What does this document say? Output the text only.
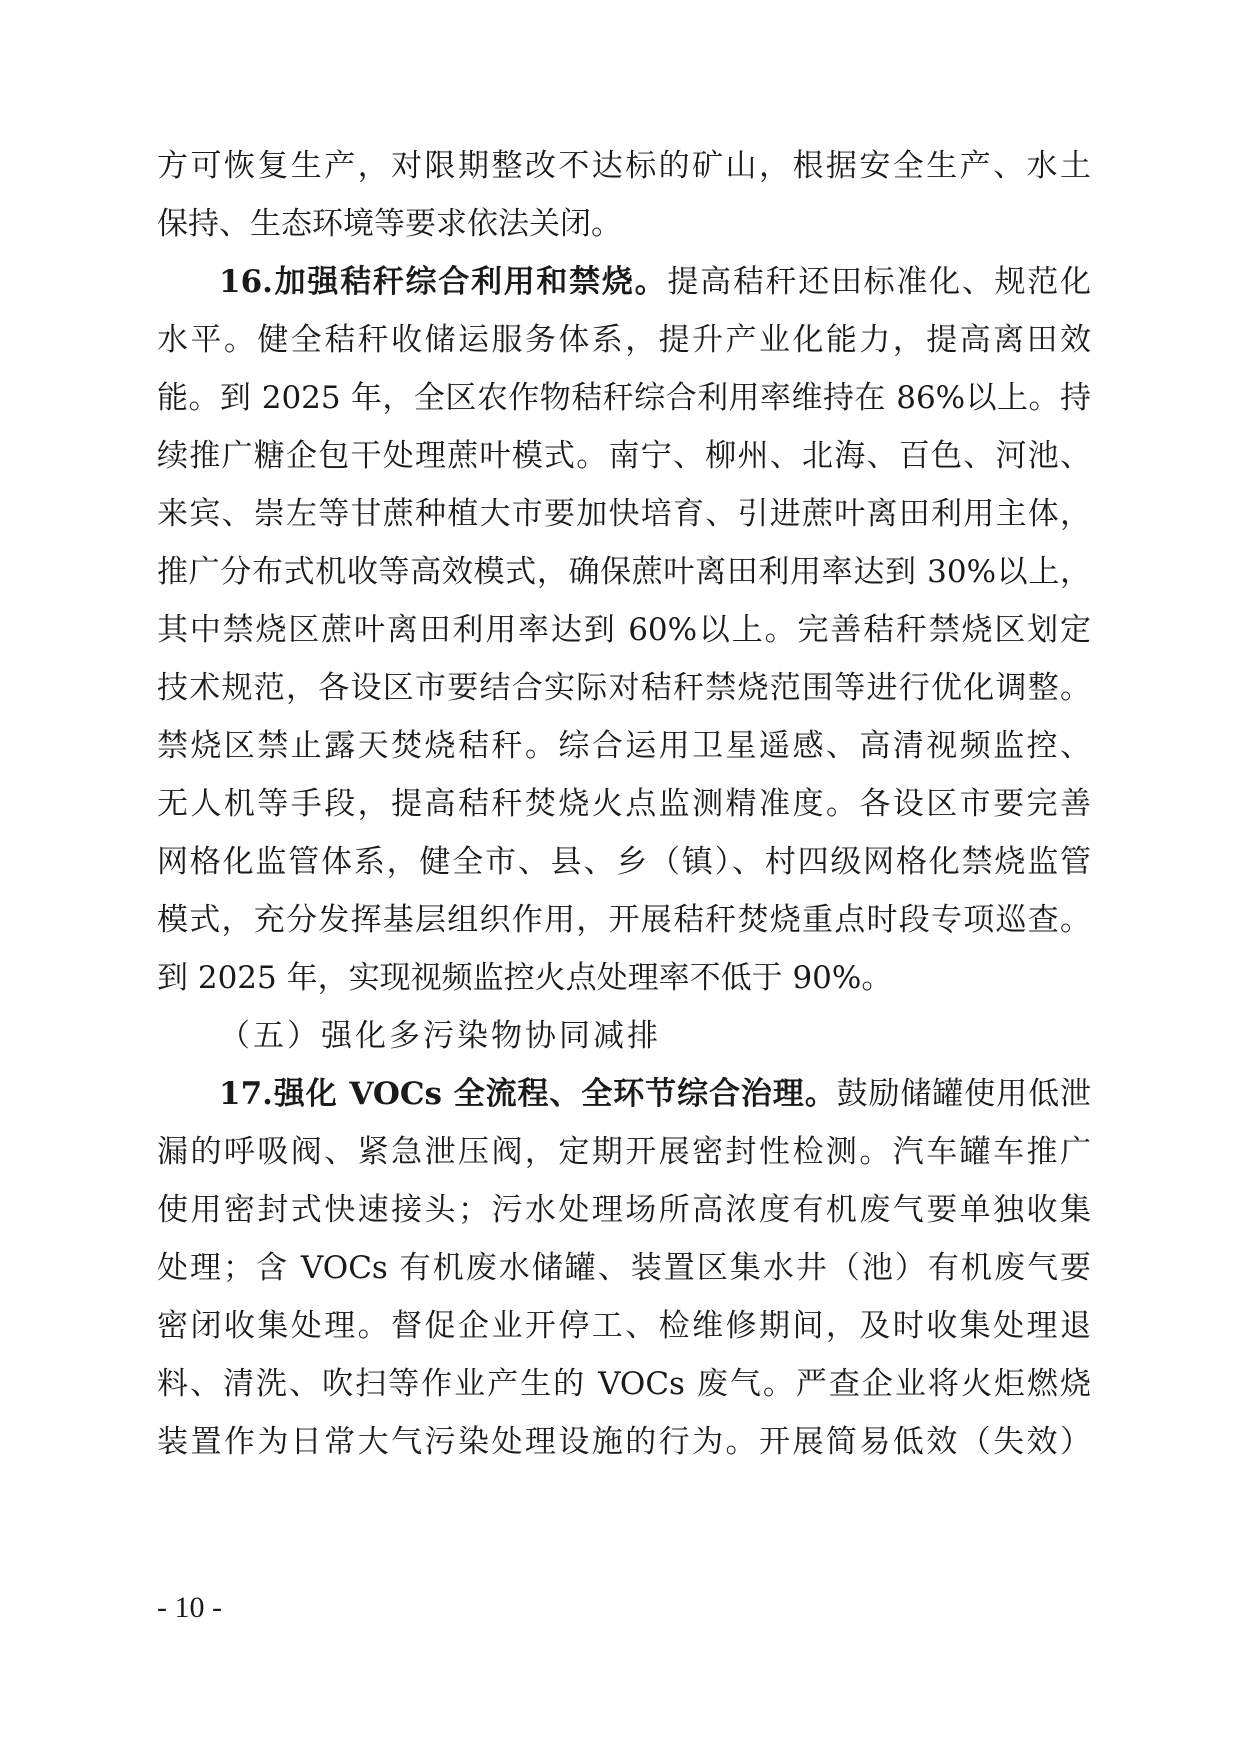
方可恢复生产，对限期整改不达标的矿山，根据安全生产、水土
保持、生态环境等要求依法关闭。
16.加强秸秆综合利用和禁烧。提高秸秆还田标准化、规范化
水平。健全秸秆收储运服务体系，提升产业化能力，提高离田效
能。到 2025 年，全区农作物秸秆综合利用率维持在 86%以上。持
续推广糖企包干处理蔗叶模式。南宁、柳州、北海、百色、河池、
来宾、崇左等甘蔗种植大市要加快培育、引进蔗叶离田利用主体，
推广分布式机收等高效模式，确保蔗叶离田利用率达到 30%以上，
其中禁烧区蔗叶离田利用率达到 60%以上。完善秸秆禁烧区划定
技术规范，各设区市要结合实际对秸秆禁烧范围等进行优化调整。
禁烧区禁止露天焚烧秸秆。综合运用卫星遥感、高清视频监控、
无人机等手段，提高秸秆焚烧火点监测精准度。各设区市要完善
网格化监管体系，健全市、县、乡（镇）、村四级网格化禁烧监管
模式，充分发挥基层组织作用，开展秸秆焚烧重点时段专项巡查。
到 2025 年，实现视频监控火点处理率不低于 90%。
（五）强化多污染物协同减排
17.强化 VOCs 全流程、全环节综合治理。鼓励储罐使用低泄
漏的呼吸阀、紧急泄压阀，定期开展密封性检测。汽车罐车推广
使用密封式快速接头；污水处理场所高浓度有机废气要单独收集
处理；含 VOCs 有机废水储罐、装置区集水井（池）有机废气要
密闭收集处理。督促企业开停工、检维修期间，及时收集处理退
料、清洗、吹扫等作业产生的 VOCs 废气。严查企业将火炬燃烧
装置作为日常大气污染处理设施的行为。开展简易低效（失效）
- 10 -
